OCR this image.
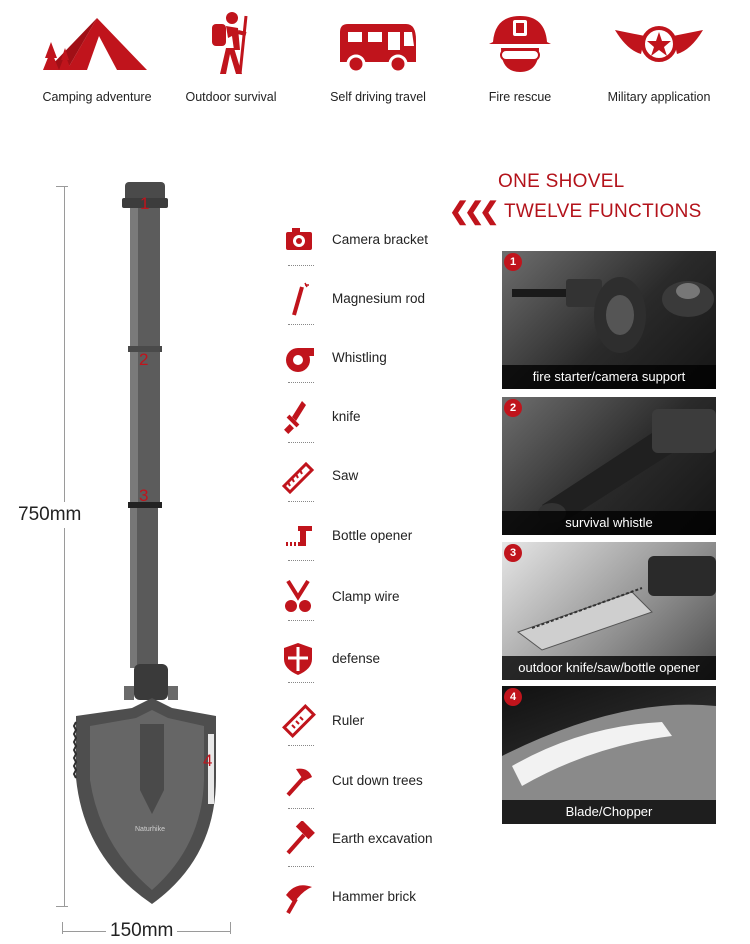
Camping adventure	Outdoor survival	Self driving travel	Fire rescue	Military application
750mm
150mm
1
2
3
4
Naturhike
❮❮❮
ONE SHOVEL
TWELVE FUNCTIONS
Camera bracket
Magnesium rod
Whistling
knife
Saw
Bottle opener
Clamp wire
defense
Ruler
Cut down trees
Earth excavation
Hammer brick
1
fire starter/camera support
2
survival whistle
3
outdoor knife/saw/bottle opener
4
Blade/Chopper
